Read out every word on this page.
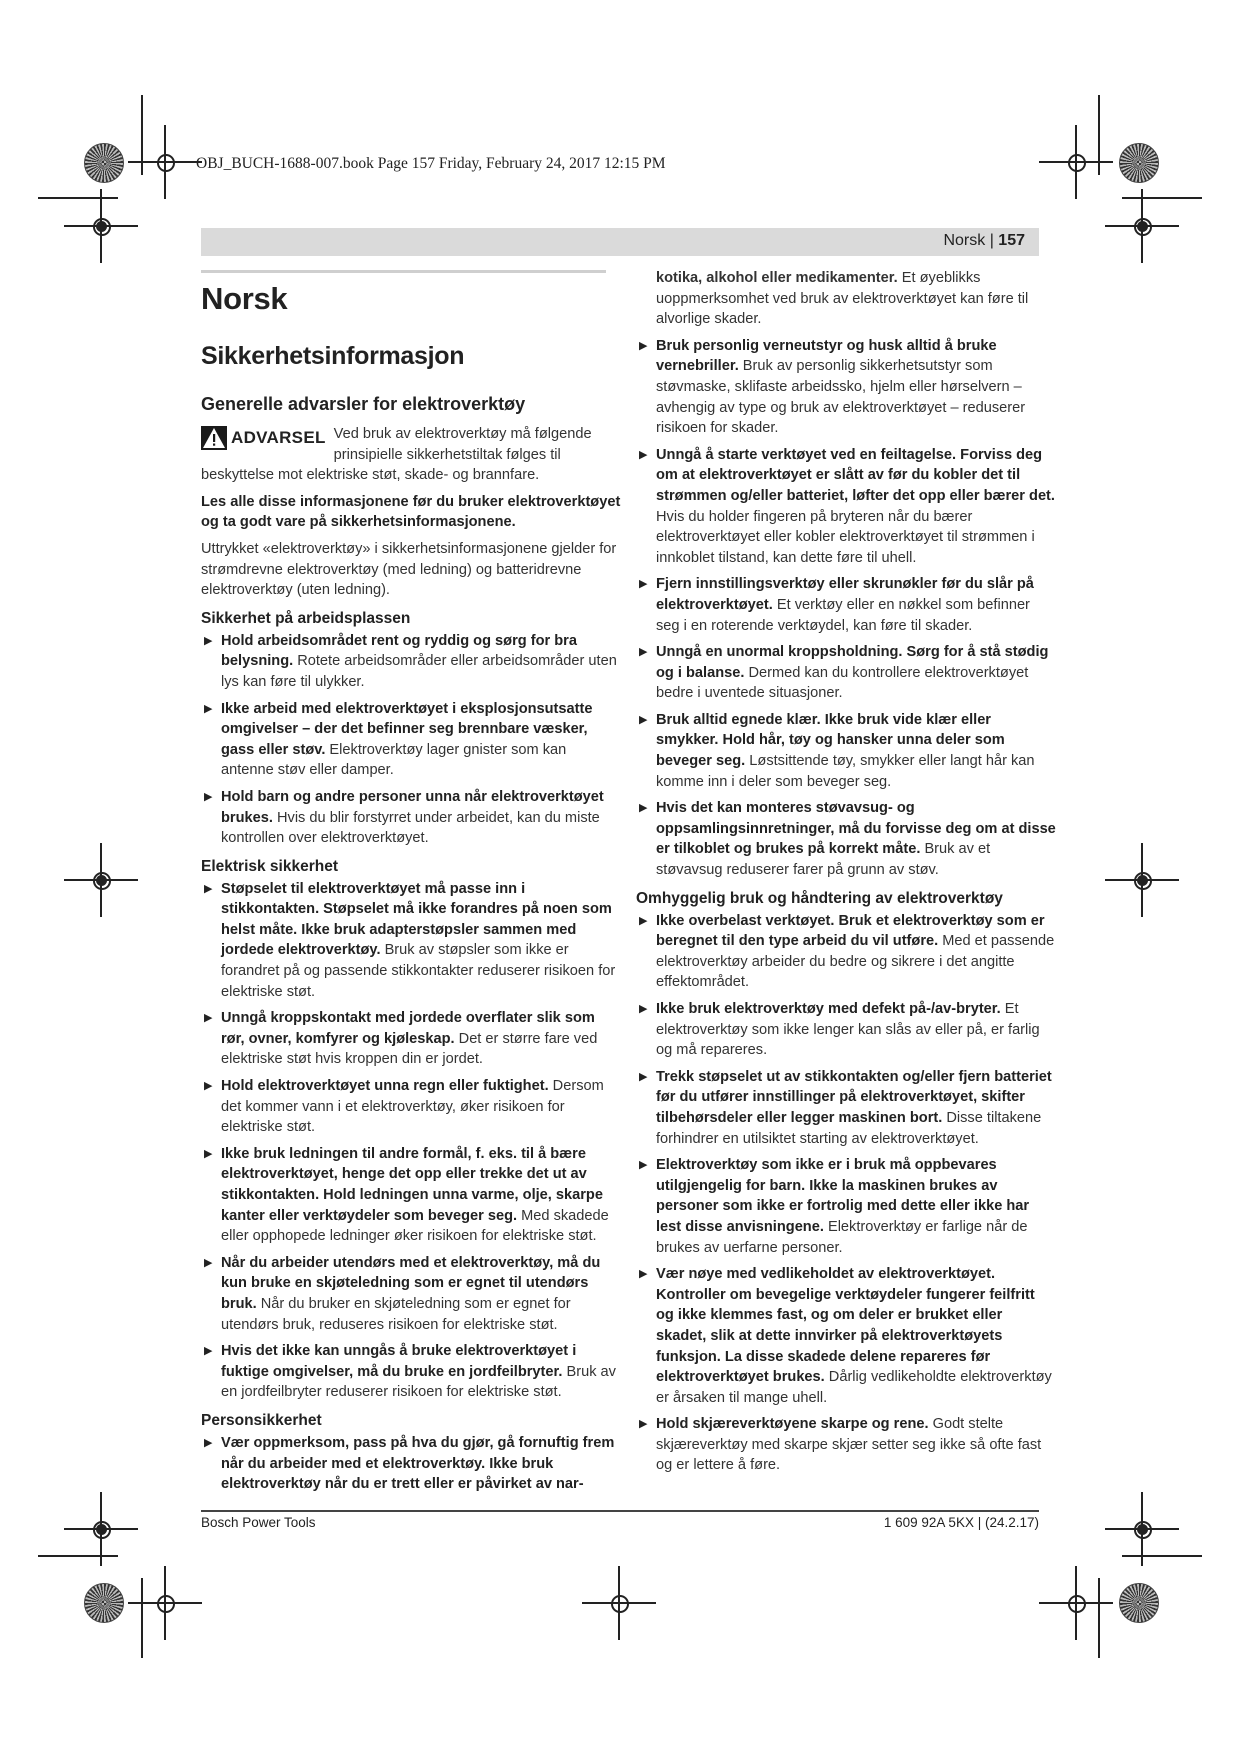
OBJ_BUCH-1688-007.book Page 157 Friday, February 24, 2017 12:15 PM
Norsk | 157
Norsk
Sikkerhetsinformasjon
Generelle advarsler for elektroverktøy
ADVARSEL Ved bruk av elektroverktøy må følgende prinsipielle sikkerhetstiltak følges til beskyttelse mot elektriske støt, skade- og brannfare.

Les alle disse informasjonene før du bruker elektroverktøyet og ta godt vare på sikkerhetsinformasjonene.

Uttrykket «elektroverktøy» i sikkerhetsinformasjonene gjelder for strømdrevne elektroverktøy (med ledning) og batteridrevne elektroverktøy (uten ledning).

Sikkerhet på arbeidsplassen
▶ Hold arbeidsområdet rent og ryddig og sørg for bra belysning. Rotete arbeidsområder eller arbeidsområder uten lys kan føre til ulykker.
▶ Ikke arbeid med elektroverktøyet i eksplosjonsutsatte omgivelser – der det befinner seg brennbare væsker, gass eller støv. Elektroverktøy lager gnister som kan antenne støv eller damper.
▶ Hold barn og andre personer unna når elektroverktøyet brukes. Hvis du blir forstyrret under arbeidet, kan du miste kontrollen over elektroverktøyet.
Elektrisk sikkerhet
▶ Støpselet til elektroverktøyet må passe inn i stikkontakten. Støpselet må ikke forandres på noen som helst måte. Ikke bruk adapterstøpsler sammen med jordede elektroverktøy. Bruk av støpsler som ikke er forandret på og passende stikkontakter reduserer risikoen for elektriske støt.
▶ Unngå kroppskontakt med jordede overflater slik som rør, ovner, komfyrer og kjøleskap. Det er større fare ved elektriske støt hvis kroppen din er jordet.
▶ Hold elektroverktøyet unna regn eller fuktighet. Dersom det kommer vann i et elektroverktøy, øker risikoen for elektriske støt.
▶ Ikke bruk ledningen til andre formål, f. eks. til å bære elektroverktøyet, henge det opp eller trekke det ut av stikkontakten. Hold ledningen unna varme, olje, skarpe kanter eller verktøydeler som beveger seg. Med skadede eller opphopede ledninger øker risikoen for elektriske støt.
▶ Når du arbeider utendørs med et elektroverktøy, må du kun bruke en skjøteledning som er egnet til utendørs bruk. Når du bruker en skjøteledning som er egnet for utendørs bruk, reduseres risikoen for elektriske støt.
▶ Hvis det ikke kan unngås å bruke elektroverktøyet i fuktige omgivelser, må du bruke en jordfeilbryter. Bruk av en jordfeilbryter reduserer risikoen for elektriske støt.
Personsikkerhet
▶ Vær oppmerksom, pass på hva du gjør, gå fornuftig frem når du arbeider med et elektroverktøy. Ikke bruk elektroverktøy når du er trett eller er påvirket av nar-

kotika, alkohol eller medikamenter. Et øyeblikks uoppmerksomhet ved bruk av elektroverktøyet kan føre til alvorlige skader.

▶ Bruk personlig verneutstyr og husk alltid å bruke vernebriller. Bruk av personlig sikkerhetsutstyr som støvmaske, sklifaste arbeidssko, hjelm eller hørselvern – avhengig av type og bruk av elektroverktøyet – reduserer risikoen for skader.
▶ Unngå å starte verktøyet ved en feiltagelse. Forviss deg om at elektroverktøyet er slått av før du kobler det til strømmen og/eller batteriet, løfter det opp eller bærer det. Hvis du holder fingeren på bryteren når du bærer elektroverktøyet eller kobler elektroverktøyet til strømmen i innkoblet tilstand, kan dette føre til uhell.
▶ Fjern innstillingsverktøy eller skrunøkler før du slår på elektroverktøyet. Et verktøy eller en nøkkel som befinner seg i en roterende verktøydel, kan føre til skader.
▶ Unngå en unormal kroppsholdning. Sørg for å stå stødig og i balanse. Dermed kan du kontrollere elektroverktøyet bedre i uventede situasjoner.
▶ Bruk alltid egnede klær. Ikke bruk vide klær eller smykker. Hold hår, tøy og hansker unna deler som beveger seg. Løstsittende tøy, smykker eller langt hår kan komme inn i deler som beveger seg.
▶ Hvis det kan monteres støvavsug- og oppsamlingsinnretninger, må du forvisse deg om at disse er tilkoblet og brukes på korrekt måte. Bruk av et støvavsug reduserer farer på grunn av støv.
Omhyggelig bruk og håndtering av elektroverktøy
▶ Ikke overbelast verktøyet. Bruk et elektroverktøy som er beregnet til den type arbeid du vil utføre. Med et passende elektroverktøy arbeider du bedre og sikrere i det angitte effektområdet.
▶ Ikke bruk elektroverktøy med defekt på-/av-bryter. Et elektroverktøy som ikke lenger kan slås av eller på, er farlig og må repareres.
▶ Trekk støpselet ut av stikkontakten og/eller fjern batteriet før du utfører innstillinger på elektroverktøyet, skifter tilbehørsdeler eller legger maskinen bort. Disse tiltakene forhindrer en utilsiktet starting av elektroverktøyet.
▶ Elektroverktøy som ikke er i bruk må oppbevares utilgjengelig for barn. Ikke la maskinen brukes av personer som ikke er fortrolig med dette eller ikke har lest disse anvisningene. Elektroverktøy er farlige når de brukes av uerfarne personer.
▶ Vær nøye med vedlikeholdet av elektroverktøyet. Kontroller om bevegelige verktøydeler fungerer feilfritt og ikke klemmes fast, og om deler er brukket eller skadet, slik at dette innvirker på elektroverktøyets funksjon. La disse skadede delene repareres før elektroverktøyet brukes. Dårlig vedlikeholdte elektroverktøy er årsaken til mange uhell.
▶ Hold skjæreverktøyene skarpe og rene. Godt stelte skjæreverktøy med skarpe skjær setter seg ikke så ofte fast og er lettere å føre.
Bosch Power Tools	1 609 92A 5KX | (24.2.17)
